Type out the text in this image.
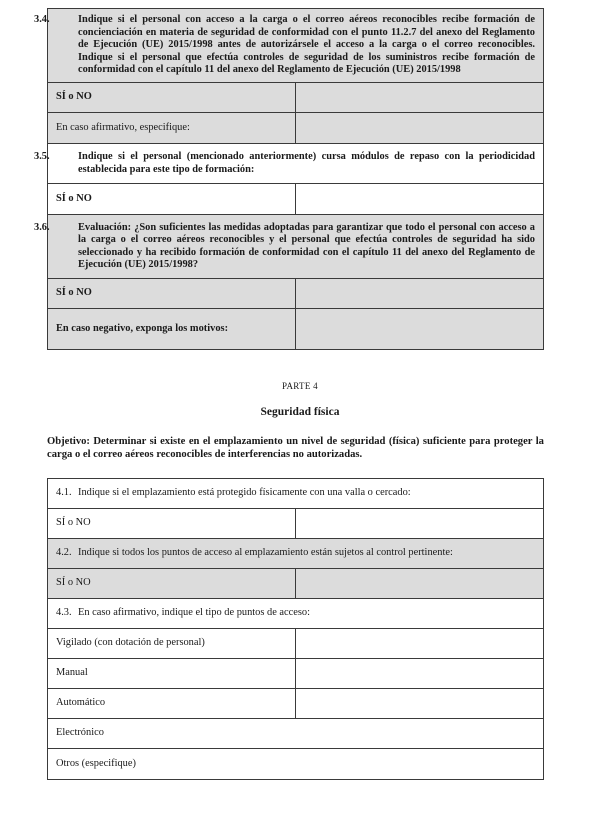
3.4. Indique si el personal con acceso a la carga o el correo aéreos reconocibles recibe formación de concienciación en materia de seguridad de conformidad con el punto 11.2.7 del anexo del Reglamento de Ejecución (UE) 2015/1998 antes de autorizársele el acceso a la carga o el correo reconocibles. Indique si el personal que efectúa controles de seguridad de los suministros recibe formación de conformidad con el capítulo 11 del anexo del Reglamento de Ejecución (UE) 2015/1998	

SÍ o NO	
En caso afirmativo, especifique:	

3.5. Indique si el personal (mencionado anteriormente) cursa módulos de repaso con la periodicidad establecida para este tipo de formación:	

SÍ o NO	

3.6. Evaluación: ¿Son suficientes las medidas adoptadas para garantizar que todo el personal con acceso a la carga o el correo aéreos reconocibles y el personal que efectúa controles de seguridad ha sido seleccionado y ha recibido formación de conformidad con el capítulo 11 del anexo del Reglamento de Ejecución (UE) 2015/1998?	

SÍ o NO	
En caso negativo, exponga los motivos:	
PARTE 4
Seguridad física
Objetivo: Determinar si existe en el emplazamiento un nivel de seguridad (física) suficiente para proteger la carga o el correo aéreos reconocibles de interferencias no autorizadas.
4.1. Indique si el emplazamiento está protegido físicamente con una valla o cercado:	
SÍ o NO	
4.2. Indique si todos los puntos de acceso al emplazamiento están sujetos al control pertinente:	
SÍ o NO	
4.3. En caso afirmativo, indique el tipo de puntos de acceso:	
Vigilado (con dotación de personal)	
Manual	
Automático	
Electrónico	
Otros (especifique)	
